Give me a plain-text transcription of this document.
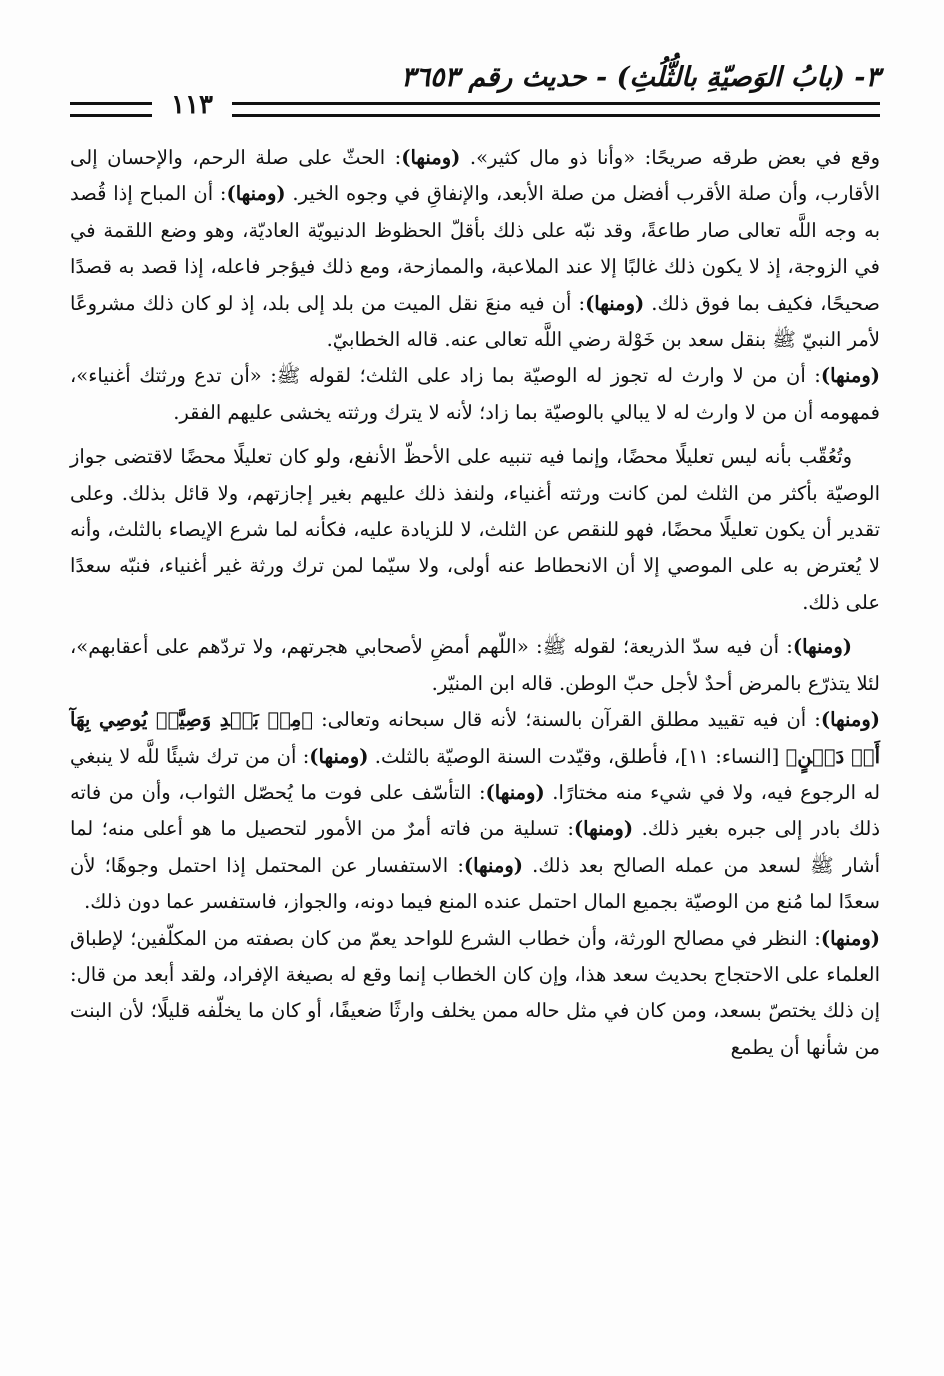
٣- (بابُ الوَصيّةِ بالثُّلُثِ) - حديث رقم ٣٦٥٣
١١٣

وقع في بعض طرقه صريحًا: «وأنا ذو مال كثير». (ومنها): الحثّ على صلة الرحم، والإحسان إلى الأقارب، وأن صلة الأقرب أفضل من صلة الأبعد، والإنفاقِ في وجوه الخير. (ومنها): أن المباح إذا قُصد به وجه اللَّه تعالى صار طاعةً، وقد نبّه على ذلك بأقلّ الحظوظ الدنيويّة العاديّة، وهو وضع اللقمة في في الزوجة، إذ لا يكون ذلك غالبًا إلا عند الملاعبة، والممازحة، ومع ذلك فيؤجر فاعله، إذا قصد به قصدًا صحيحًا، فكيف بما فوق ذلك. (ومنها): أن فيه منعَ نقل الميت من بلد إلى بلد، إذ لو كان ذلك مشروعًا لأمر النبيّ ﷺ بنقل سعد بن خَوْلة رضي اللَّه تعالى عنه. قاله الخطابيّ.

(ومنها): أن من لا وارث له تجوز له الوصيّة بما زاد على الثلث؛ لقوله ﷺ: «أن تدع ورثتك أغنياء»، فمهومه أن من لا وارث له لا يبالي بالوصيّة بما زاد؛ لأنه لا يترك ورثته يخشى عليهم الفقر.

وتُعُقّب بأنه ليس تعليلًا محضًا، وإنما فيه تنبيه على الأحظّ الأنفع، ولو كان تعليلًا محضًا لاقتضى جواز الوصيّة بأكثر من الثلث لمن كانت ورثته أغنياء، ولنفذ ذلك عليهم بغير إجازتهم، ولا قائل بذلك. وعلى تقدير أن يكون تعليلًا محضًا، فهو للنقص عن الثلث، لا للزيادة عليه، فكأنه لما شرع الإيصاء بالثلث، وأنه لا يُعترض به على الموصي إلا أن الانحطاط عنه أولى، ولا سيّما لمن ترك ورثة غير أغنياء، فنبّه سعدًا على ذلك.

(ومنها): أن فيه سدّ الذريعة؛ لقوله ﷺ: «اللّهم أمضِ لأصحابي هجرتهم، ولا تردّهم على أعقابهم»، لئلا يتذرّع بالمرض أحدٌ لأجل حبّ الوطن. قاله ابن المنيّر.

(ومنها): أن فيه تقييد مطلق القرآن بالسنة؛ لأنه قال سبحانه وتعالى: ﴿مِنۢ بَعۡدِ وَصِيَّةٖ يُوصِي بِهَآ أَوۡ دَيۡنٍ﴾ [النساء: ١١]، فأطلق، وقيّدت السنة الوصيّة بالثلث. (ومنها): أن من ترك شيئًا للَّه لا ينبغي له الرجوع فيه، ولا في شيء منه مختارًا. (ومنها): التأسّف على فوت ما يُحصّل الثواب، وأن من فاته ذلك بادر إلى جبره بغير ذلك. (ومنها): تسلية من فاته أمرٌ من الأمور لتحصيل ما هو أعلى منه؛ لما أشار ﷺ لسعد من عمله الصالح بعد ذلك. (ومنها): الاستفسار عن المحتمل إذا احتمل وجوهًا؛ لأن سعدًا لما مُنع من الوصيّة بجميع المال احتمل عنده المنع فيما دونه، والجواز، فاستفسر عما دون ذلك.

(ومنها): النظر في مصالح الورثة، وأن خطاب الشرع للواحد يعمّ من كان بصفته من المكلّفين؛ لإطباق العلماء على الاحتجاج بحديث سعد هذا، وإن كان الخطاب إنما وقع له بصيغة الإفراد، ولقد أبعد من قال: إن ذلك يختصّ بسعد، ومن كان في مثل حاله ممن يخلف وارثًا ضعيفًا، أو كان ما يخلّفه قليلًا؛ لأن البنت من شأنها أن يطمع
